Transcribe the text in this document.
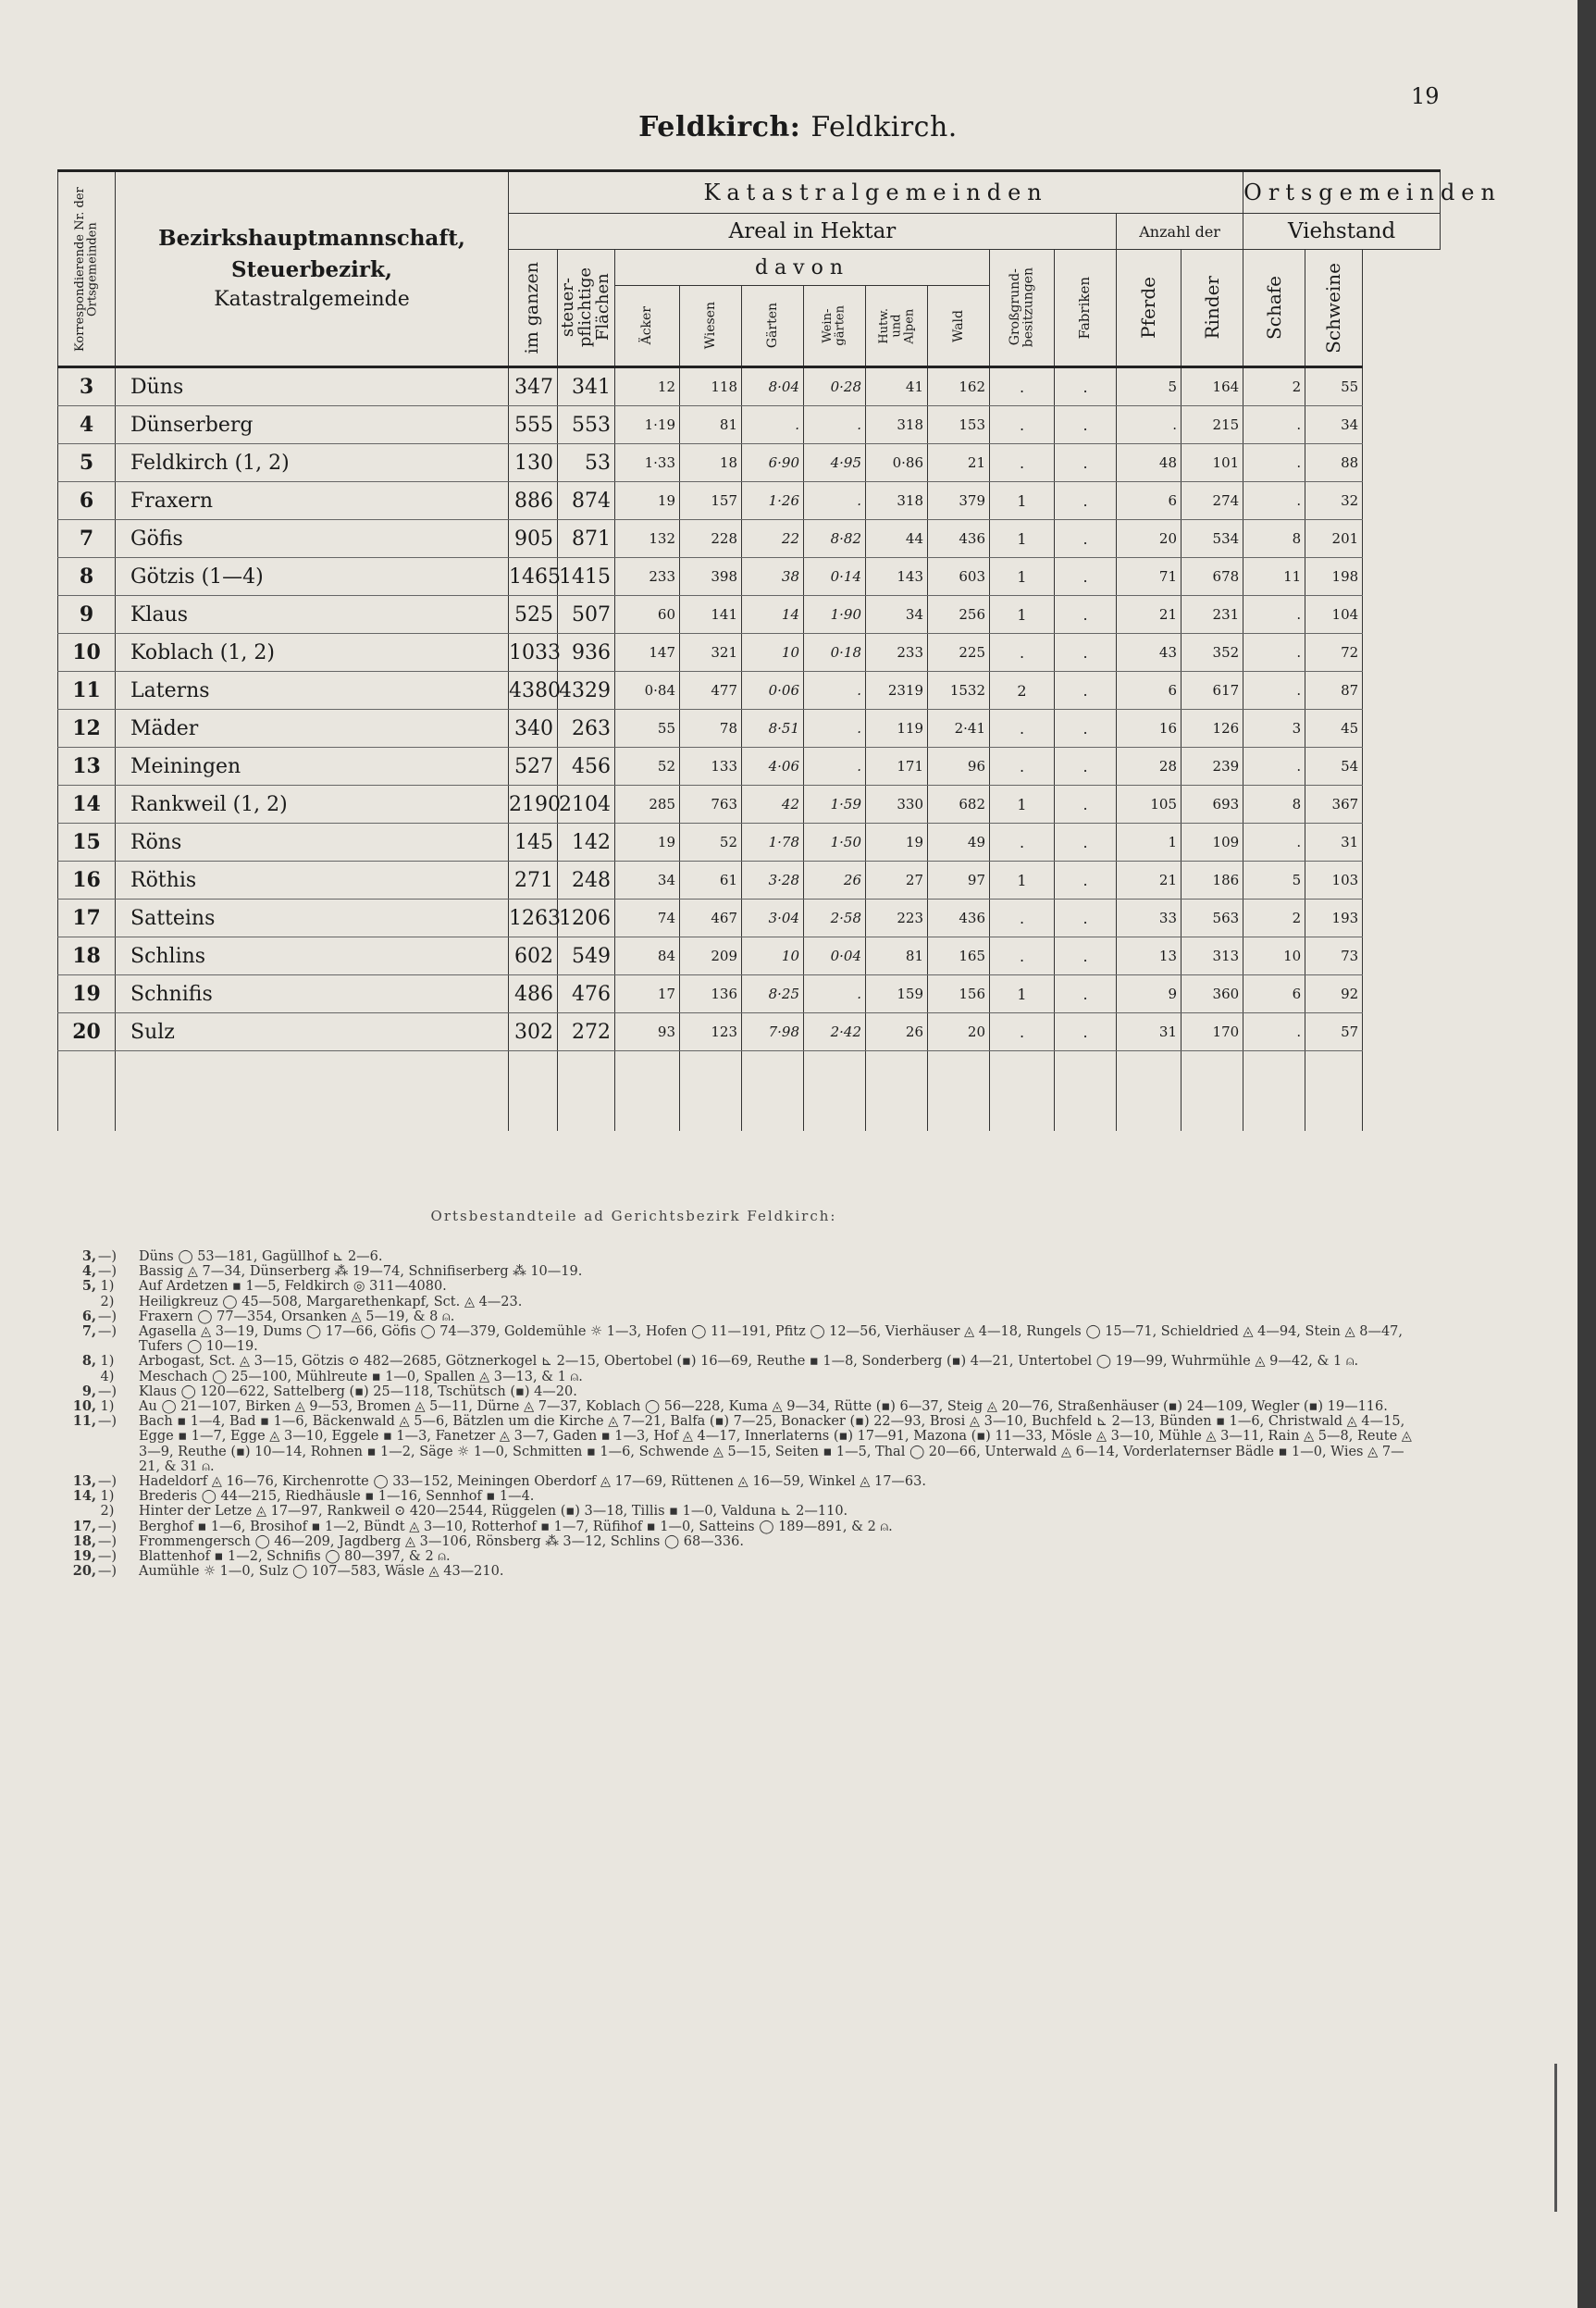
19
Feldkirch: Feldkirch.
Korrespondierende Nr. der Ortsgemeinden	Bezirkshauptmannschaft,
Steuerbezirk,
Katastralgemeinde	Katastralgemeinden												Ortsgemeinden	
		Areal in Hektar										Anzahl der		Viehstand	

		im ganzen	steuer-
pflichtige
Flächen	davon						Großgrund-
besitzungen	Fabriken	Pferde	Rinder	Schafe	Schweine

				Äcker	Wiesen	Gärten	Wein-
gärten	Hutw.
und
Alpen	Wald						

3	Düns	347	341	12	118	8·04	0·28	41	162	.	.	5	164	2	55
4	Dünserberg	555	553	1·19	81	.	.	318	153	.	.	.	215	.	34
5	Feldkirch (1, 2)	130	53	1·33	18	6·90	4·95	0·86	21	.	.	48	101	.	88
6	Fraxern	886	874	19	157	1·26	.	318	379	1	.	6	274	.	32
7	Göfis	905	871	132	228	22	8·82	44	436	1	.	20	534	8	201
8	Götzis (1—4)	1465	1415	233	398	38	0·14	143	603	1	.	71	678	11	198
9	Klaus	525	507	60	141	14	1·90	34	256	1	.	21	231	.	104
10	Koblach (1, 2)	1033	936	147	321	10	0·18	233	225	.	.	43	352	.	72
11	Laterns	4380	4329	0·84	477	0·06	.	2319	1532	2	.	6	617	.	87
12	Mäder	340	263	55	78	8·51	.	119	2·41	.	.	16	126	3	45
13	Meiningen	527	456	52	133	4·06	.	171	96	.	.	28	239	.	54
14	Rankweil (1, 2)	2190	2104	285	763	42	1·59	330	682	1	.	105	693	8	367
15	Röns	145	142	19	52	1·78	1·50	19	49	.	.	1	109	.	31
16	Röthis	271	248	34	61	3·28	26	27	97	1	.	21	186	5	103
17	Satteins	1263	1206	74	467	3·04	2·58	223	436	.	.	33	563	2	193
18	Schlins	602	549	84	209	10	0·04	81	165	.	.	13	313	10	73
19	Schnifis	486	476	17	136	8·25	.	159	156	1	.	9	360	6	92
20	Sulz	302	272	93	123	7·98	2·42	26	20	.	.	31	170	.	57

Ortsbestandteile ad Gerichtsbezirk Feldkirch:
3, —) Düns ◯ 53—181, Gagüllhof ⊾ 2—6.
4, —) Bassig ◬ 7—34, Dünserberg ⁂ 19—74, Schnifiserberg ⁂ 10—19.
5, 1)	Auf Ardetzen ▪ 1—5, Feldkirch ◎ 311—4080.
2)	Heiligkreuz ◯ 45—508, Margarethenkapf, Sct. ◬ 4—23.
6, —) Fraxern ◯ 77—354, Orsanken ◬ 5—19, & 8 ⍝.
7, —) Agasella ◬ 3—19, Dums ◯ 17—66, Göfis ◯ 74—379, Goldemühle ☼ 1—3, Hofen ◯ 11—191, Pfitz ◯ 12—56, Vierhäuser ◬ 4—18, Rungels ◯ 15—71, Schieldried ◬ 4—94, Stein ◬ 8—47, Tufers ◯ 10—19.
8, 1)	Arbogast, Sct. ◬ 3—15, Götzis ⊙ 482—2685, Götznerkogel ⊾ 2—15, Obertobel (▪) 16—69, Reuthe ▪ 1—8, Sonderberg (▪) 4—21, Untertobel ◯ 19—99, Wuhrmühle ◬ 9—42, & 1 ⍝.
4)	Meschach ◯ 25—100, Mühlreute ▪ 1—0, Spallen ◬ 3—13, & 1 ⍝.
9, —) Klaus ◯ 120—622, Sattelberg (▪) 25—118, Tschütsch (▪) 4—20.
10, 1)	Au ◯ 21—107, Birken ◬ 9—53, Bromen ◬ 5—11, Dürne ◬ 7—37, Koblach ◯ 56—228, Kuma ◬ 9—34, Rütte (▪) 6—37, Steig ◬ 20—76, Straßenhäuser (▪) 24—109, Wegler (▪) 19—116.
11, —) Bach ▪ 1—4, Bad ▪ 1—6, Bäckenwald ◬ 5—6, Bätzlen um die Kirche ◬ 7—21, Balfa (▪) 7—25, Bonacker (▪) 22—93, Brosi ◬ 3—10, Buchfeld ⊾ 2—13, Bünden ▪ 1—6, Christwald ◬ 4—15, Egge ▪ 1—7, Egge ◬ 3—10, Eggele ▪ 1—3, Fanetzer ◬ 3—7, Gaden ▪ 1—3, Hof ◬ 4—17, Innerlaterns (▪) 17—91, Mazona (▪) 11—33, Mösle ◬ 3—10, Mühle ◬ 3—11, Rain ◬ 5—8, Reute ◬ 3—9, Reuthe (▪) 10—14, Rohnen ▪ 1—2, Säge ☼ 1—0, Schmitten ▪ 1—6, Schwende ◬ 5—15, Seiten ▪ 1—5, Thal ◯ 20—66, Unterwald ◬ 6—14, Vorderlaternser Bädle ▪ 1—0, Wies ◬ 7—21, & 31 ⍝.
13, —) Hadeldorf ◬ 16—76, Kirchenrotte ◯ 33—152, Meiningen Oberdorf ◬ 17—69, Rüttenen ◬ 16—59, Winkel ◬ 17—63.
14, 1)	Brederis ◯ 44—215, Riedhäusle ▪ 1—16, Sennhof ▪ 1—4.
2)	Hinter der Letze ◬ 17—97, Rankweil ⊙ 420—2544, Rüggelen (▪) 3—18, Tillis ▪ 1—0, Valduna ⊾ 2—110.
17, —) Berghof ▪ 1—6, Brosihof ▪ 1—2, Bündt ◬ 3—10, Rotterhof ▪ 1—7, Rüfihof ▪ 1—0, Satteins ◯ 189—891, & 2 ⍝.
18, —) Frommengersch ◯ 46—209, Jagdberg ◬ 3—106, Rönsberg ⁂ 3—12, Schlins ◯ 68—336.
19, —) Blattenhof ▪ 1—2, Schnifis ◯ 80—397, & 2 ⍝.
20, —) Aumühle ☼ 1—0, Sulz ◯ 107—583, Wäsle ◬ 43—210.
